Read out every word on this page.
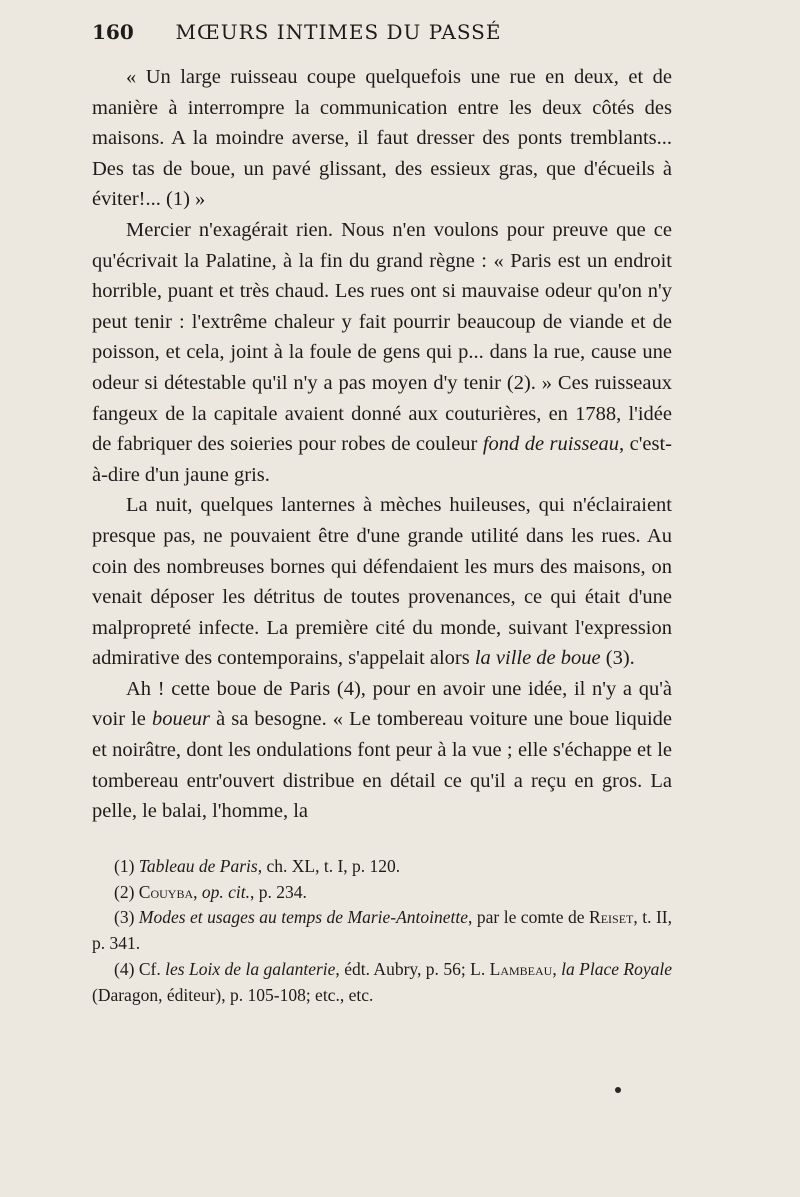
160	MŒURS INTIMES DU PASSÉ

« Un large ruisseau coupe quelquefois une rue en deux, et de manière à interrompre la communication entre les deux côtés des maisons. A la moindre averse, il faut dresser des ponts tremblants... Des tas de boue, un pavé glissant, des essieux gras, que d'écueils à éviter!... (1) »

Mercier n'exagérait rien. Nous n'en voulons pour preuve que ce qu'écrivait la Palatine, à la fin du grand règne : « Paris est un endroit horrible, puant et très chaud. Les rues ont si mauvaise odeur qu'on n'y peut tenir : l'extrême chaleur y fait pourrir beaucoup de viande et de poisson, et cela, joint à la foule de gens qui p... dans la rue, cause une odeur si détestable qu'il n'y a pas moyen d'y tenir (2). » Ces ruisseaux fangeux de la capitale avaient donné aux couturières, en 1788, l'idée de fabriquer des soieries pour robes de couleur fond de ruisseau, c'est-à-dire d'un jaune gris.

La nuit, quelques lanternes à mèches huileuses, qui n'éclairaient presque pas, ne pouvaient être d'une grande utilité dans les rues. Au coin des nombreuses bornes qui défendaient les murs des maisons, on venait déposer les détritus de toutes provenances, ce qui était d'une malpropreté infecte. La première cité du monde, suivant l'expression admirative des contemporains, s'appelait alors la ville de boue (3).

Ah ! cette boue de Paris (4), pour en avoir une idée, il n'y a qu'à voir le boueur à sa besogne. « Le tombereau voiture une boue liquide et noirâtre, dont les ondulations font peur à la vue ; elle s'échappe et le tombereau entr'ouvert distribue en détail ce qu'il a reçu en gros. La pelle, le balai, l'homme, la

(1) Tableau de Paris, ch. XL, t. I, p. 120.

(2) Couyba, op. cit., p. 234.

(3) Modes et usages au temps de Marie-Antoinette, par le comte de Reiset, t. II, p. 341.

(4) Cf. les Loix de la galanterie, édt. Aubry, p. 56; L. Lambeau, la Place Royale (Daragon, éditeur), p. 105-108; etc., etc.
